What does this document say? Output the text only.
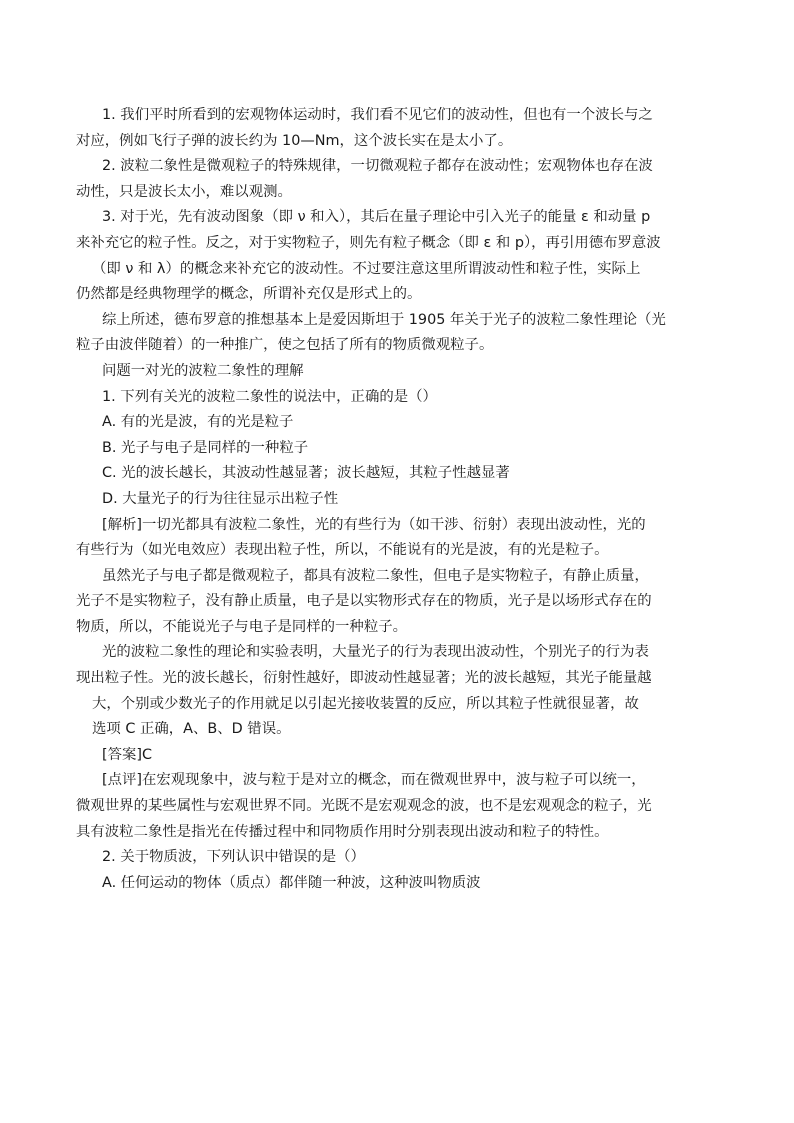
1. 我们平时所看到的宏观物体运动时，我们看不见它们的波动性，但也有一个波长与之
对应，例如飞行子弹的波长约为 10—Nm，这个波长实在是太小了。
2. 波粒二象性是微观粒子的特殊规律，一切微观粒子都存在波动性；宏观物体也存在波
动性，只是波长太小，难以观测。
3. 对于光，先有波动图象（即 ν 和入），其后在量子理论中引入光子的能量 ε 和动量 p
来补充它的粒子性。反之，对于实物粒子，则先有粒子概念（即 ε 和 p），再引用德布罗意波
（即 ν 和 λ）的概念来补充它的波动性。不过要注意这里所谓波动性和粒子性，实际上
仍然都是经典物理学的概念，所谓补充仅是形式上的。
综上所述，德布罗意的推想基本上是爱因斯坦于 1905 年关于光子的波粒二象性理论（光
粒子由波伴随着）的一种推广，使之包括了所有的物质微观粒子。
问题一对光的波粒二象性的理解
1. 下列有关光的波粒二象性的说法中，正确的是（）
A. 有的光是波，有的光是粒子
B. 光子与电子是同样的一种粒子
C. 光的波长越长，其波动性越显著；波长越短，其粒子性越显著
D. 大量光子的行为往往显示出粒子性
[解析]一切光都具有波粒二象性，光的有些行为（如干涉、衍射）表现出波动性，光的
有些行为（如光电效应）表现出粒子性，所以，不能说有的光是波，有的光是粒子。
虽然光子与电子都是微观粒子，都具有波粒二象性，但电子是实物粒子，有静止质量，
光子不是实物粒子，没有静止质量，电子是以实物形式存在的物质，光子是以场形式存在的
物质，所以，不能说光子与电子是同样的一种粒子。
光的波粒二象性的理论和实验表明，大量光子的行为表现出波动性，个别光子的行为表
现出粒子性。光的波长越长，衍射性越好，即波动性越显著；光的波长越短，其光子能量越
大，个别或少数光子的作用就足以引起光接收装置的反应，所以其粒子性就很显著，故
选项 C 正确，A、B、D 错误。
[答案]C
[点评]在宏观现象中，波与粒于是对立的概念，而在微观世界中，波与粒子可以统一，
微观世界的某些属性与宏观世界不同。光既不是宏观观念的波，也不是宏观观念的粒子，光
具有波粒二象性是指光在传播过程中和同物质作用时分别表现出波动和粒子的特性。
2. 关于物质波，下列认识中错误的是（）
A. 任何运动的物体（质点）都伴随一种波，这种波叫物质波
